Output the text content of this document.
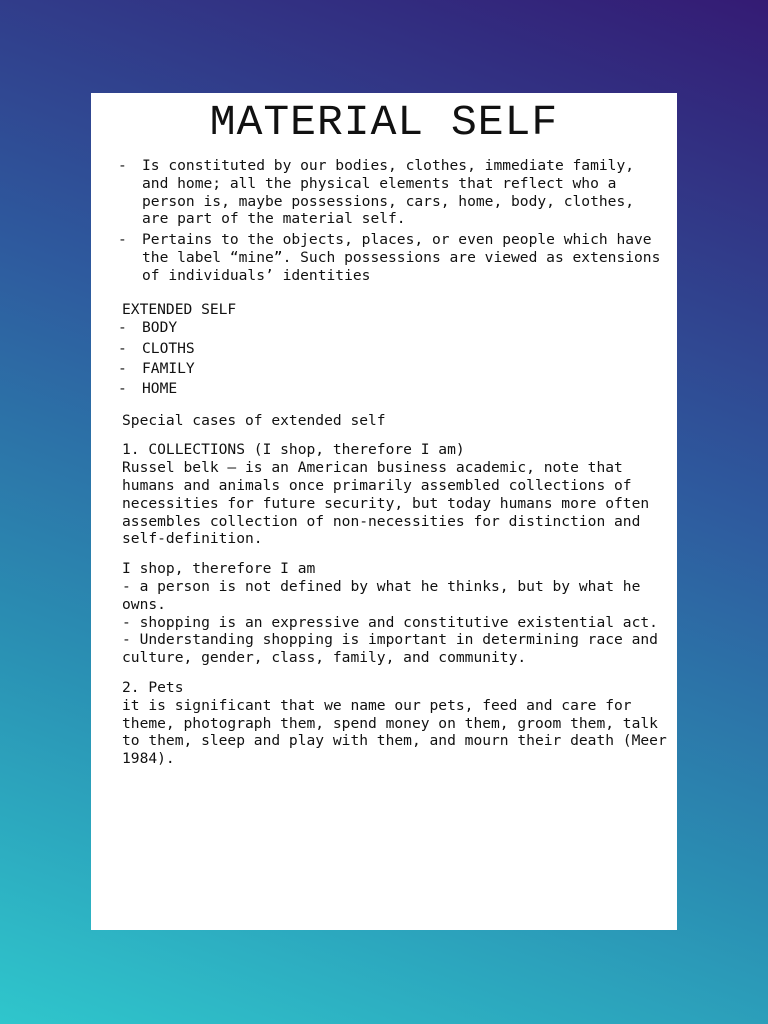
MATERIAL SELF
- Is constituted by our bodies, clothes, immediate family, and home; all the physical elements that reflect who a person is, maybe possessions, cars, home, body, clothes, are part of the material self.
- Pertains to the objects, places, or even people which have the label “mine”. Such possessions are viewed as extensions of individuals’ identities
EXTENDED SELF
- BODY
- CLOTHS
- FAMILY
- HOME
Special cases of extended self

1. COLLECTIONS (I shop, therefore I am)

Russel belk – is an American business academic, note that humans and animals once primarily assembled collections of necessities for future security, but today humans more often assembles collection of non-necessities for distinction and self-definition.

I shop, therefore I am

- a person is not defined by what he thinks, but by what he owns.

- shopping is an expressive and constitutive existential act.

- Understanding shopping is important in determining race and culture, gender, class, family, and community.

2. Pets

it is significant that we name our pets, feed and care for theme, photograph them, spend money on them, groom them, talk to them, sleep and play with them, and mourn their death (Meer 1984).
